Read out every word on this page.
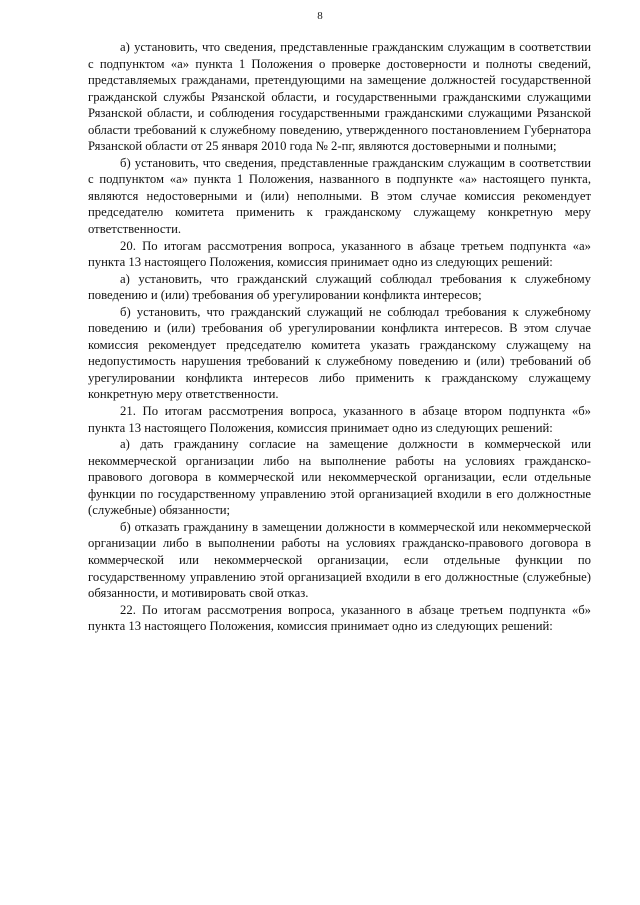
8

а) установить, что сведения, представленные гражданским служащим в соответствии с подпунктом «а» пункта 1 Положения о проверке достоверности и полноты сведений, представляемых гражданами, претендующими на замещение должностей государственной гражданской службы Рязанской области, и государственными гражданскими служащими Рязанской области, и соблюдения государственными гражданскими служащими Рязанской области требований к служебному поведению, утвержденного постановлением Губернатора Рязанской области от 25 января 2010 года № 2-пг, являются достоверными и полными;

б) установить, что сведения, представленные гражданским служащим в соответствии с подпунктом «а» пункта 1 Положения, названного в подпункте «а» настоящего пункта, являются недостоверными и (или) неполными. В этом случае комиссия рекомендует председателю комитета применить к гражданскому служащему конкретную меру ответственности.

20. По итогам рассмотрения вопроса, указанного в абзаце третьем подпункта «а» пункта 13 настоящего Положения, комиссия принимает одно из следующих решений:

а) установить, что гражданский служащий соблюдал требования к служебному поведению и (или) требования об урегулировании конфликта интересов;

б) установить, что гражданский служащий не соблюдал требования к служебному поведению и (или) требования об урегулировании конфликта интересов. В этом случае комиссия рекомендует председателю комитета указать гражданскому служащему на недопустимость нарушения требований к служебному поведению и (или) требований об урегулировании конфликта интересов либо применить к гражданскому служащему конкретную меру ответственности.

21. По итогам рассмотрения вопроса, указанного в абзаце втором подпункта «б» пункта 13 настоящего Положения, комиссия принимает одно из следующих решений:

а) дать гражданину согласие на замещение должности в коммерческой или некоммерческой организации либо на выполнение работы на условиях гражданско-правового договора в коммерческой или некоммерческой организации, если отдельные функции по государственному управлению этой организацией входили в его должностные (служебные) обязанности;

б) отказать гражданину в замещении должности в коммерческой или некоммерческой организации либо в выполнении работы на условиях гражданско-правового договора в коммерческой или некоммерческой организации, если отдельные функции по государственному управлению этой организацией входили в его должностные (служебные) обязанности, и мотивировать свой отказ.

22. По итогам рассмотрения вопроса, указанного в абзаце третьем подпункта «б» пункта 13 настоящего Положения, комиссия принимает одно из следующих решений:
